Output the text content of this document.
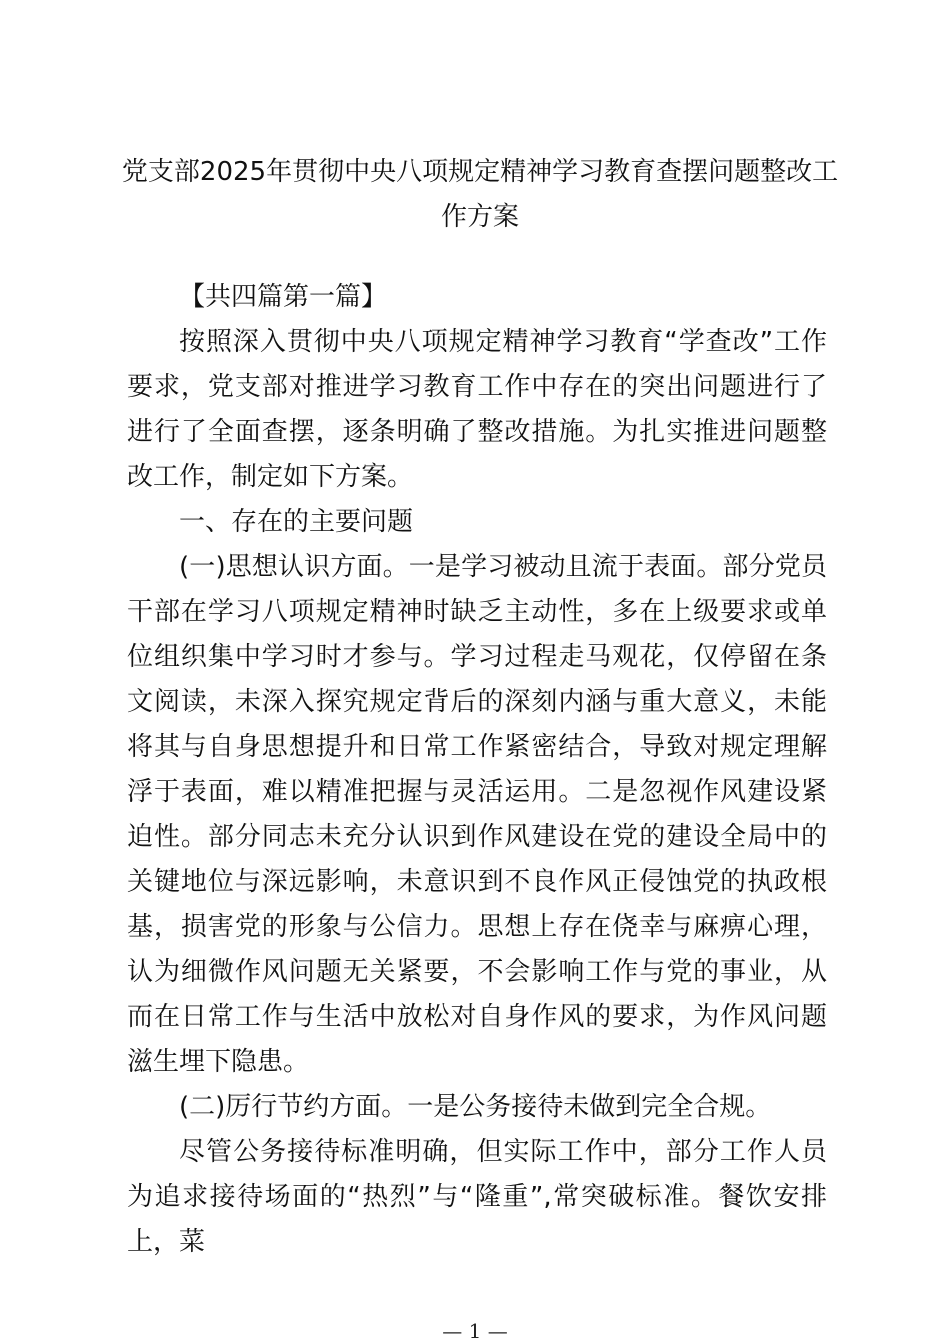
党支部2025年贯彻中央八项规定精神学习教育查摆问题整改工作方案

【共四篇第一篇】

按照深入贯彻中央八项规定精神学习教育“学查改”工作要求，党支部对推进学习教育工作中存在的突出问题进行了进行了全面查摆，逐条明确了整改措施。为扎实推进问题整改工作，制定如下方案。

一、存在的主要问题

(一)思想认识方面。一是学习被动且流于表面。部分党员干部在学习八项规定精神时缺乏主动性，多在上级要求或单位组织集中学习时才参与。学习过程走马观花，仅停留在条文阅读，未深入探究规定背后的深刻内涵与重大意义，未能将其与自身思想提升和日常工作紧密结合，导致对规定理解浮于表面，难以精准把握与灵活运用。二是忽视作风建设紧迫性。部分同志未充分认识到作风建设在党的建设全局中的关键地位与深远影响，未意识到不良作风正侵蚀党的执政根基，损害党的形象与公信力。思想上存在侥幸与麻痹心理，认为细微作风问题无关紧要，不会影响工作与党的事业，从而在日常工作与生活中放松对自身作风的要求，为作风问题滋生埋下隐患。

(二)厉行节约方面。一是公务接待未做到完全合规。

尽管公务接待标准明确，但实际工作中，部分工作人员为追求接待场面的“热烈”与“隆重”,常突破标准。餐饮安排上，菜

— 1 —
